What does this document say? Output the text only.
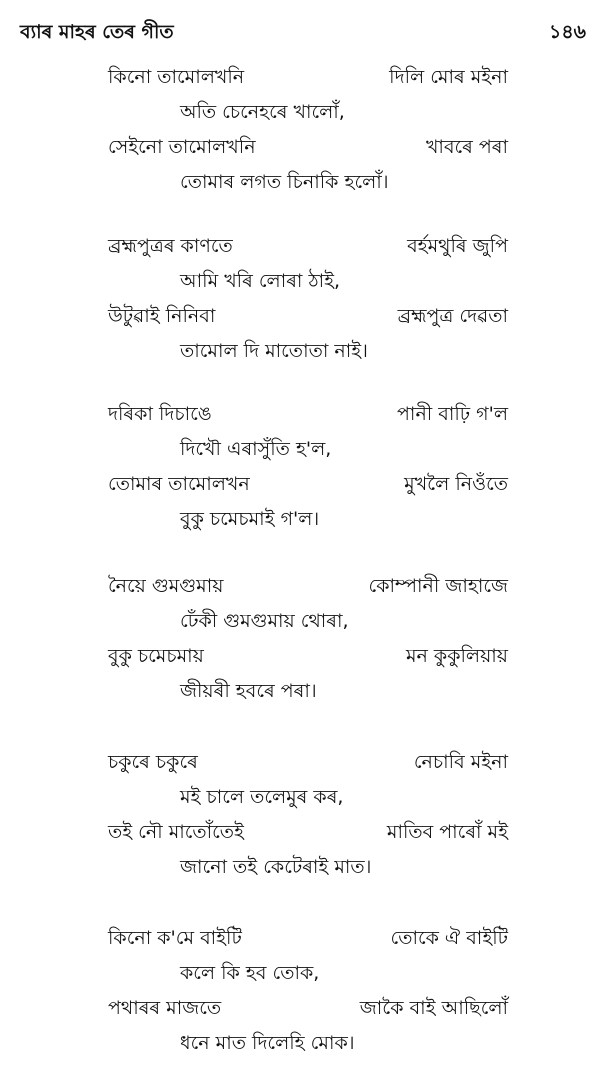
ব্যাৰ মাহৰ তেৰ গীত	১৪৬
কিনো তামোলখনি	দিলি মোৰ মইনা
অতি চেনেহৰে খালোঁ,
সেইনো তামোলখনি	খাবৰে পৰা
তোমাৰ লগত চিনাকি হলোঁ।
ব্ৰহ্মপুত্ৰৰ কাণতে	বৰ্হমথুৰি জুপি
আমি খৰি লোৰা ঠাই,
উটুৱাই নিনিবা	ব্ৰহ্মপুত্ৰ দেৱতা
তামোল দি মাতোতা নাই।
দৰিকা দিচাঙে	পানী বাঢ়ি গ'ল
দিখৌ এৰাসুঁতি হ'ল,
তোমাৰ তামোলখন	মুখলৈ নিওঁতে
বুকু চমেচমাই গ'ল।
নৈয়ে গুমগুমায়	কোম্পানী জাহাজে
ঢেঁকী গুমগুমায় থোৰা,
বুকু চমেচমায়	মন কুকুলিয়ায়
জীয়ৰী হবৰে পৰা।
চকুৰে চকুৰে	নেচাবি মইনা
মই চালে তলেমুৰ কৰ,
তই নৌ মাতোঁতেই	মাতিব পাৰোঁ মই
জানো তই কেটেৰাই মাত।
কিনো ক'মে বাইটি	তোকে ঐ বাইটি
কলে কি হব তোক,
পথাৰৰ মাজতে	জাকৈ বাই আছিলোঁ
ধনে মাত দিলেহি মোক।
